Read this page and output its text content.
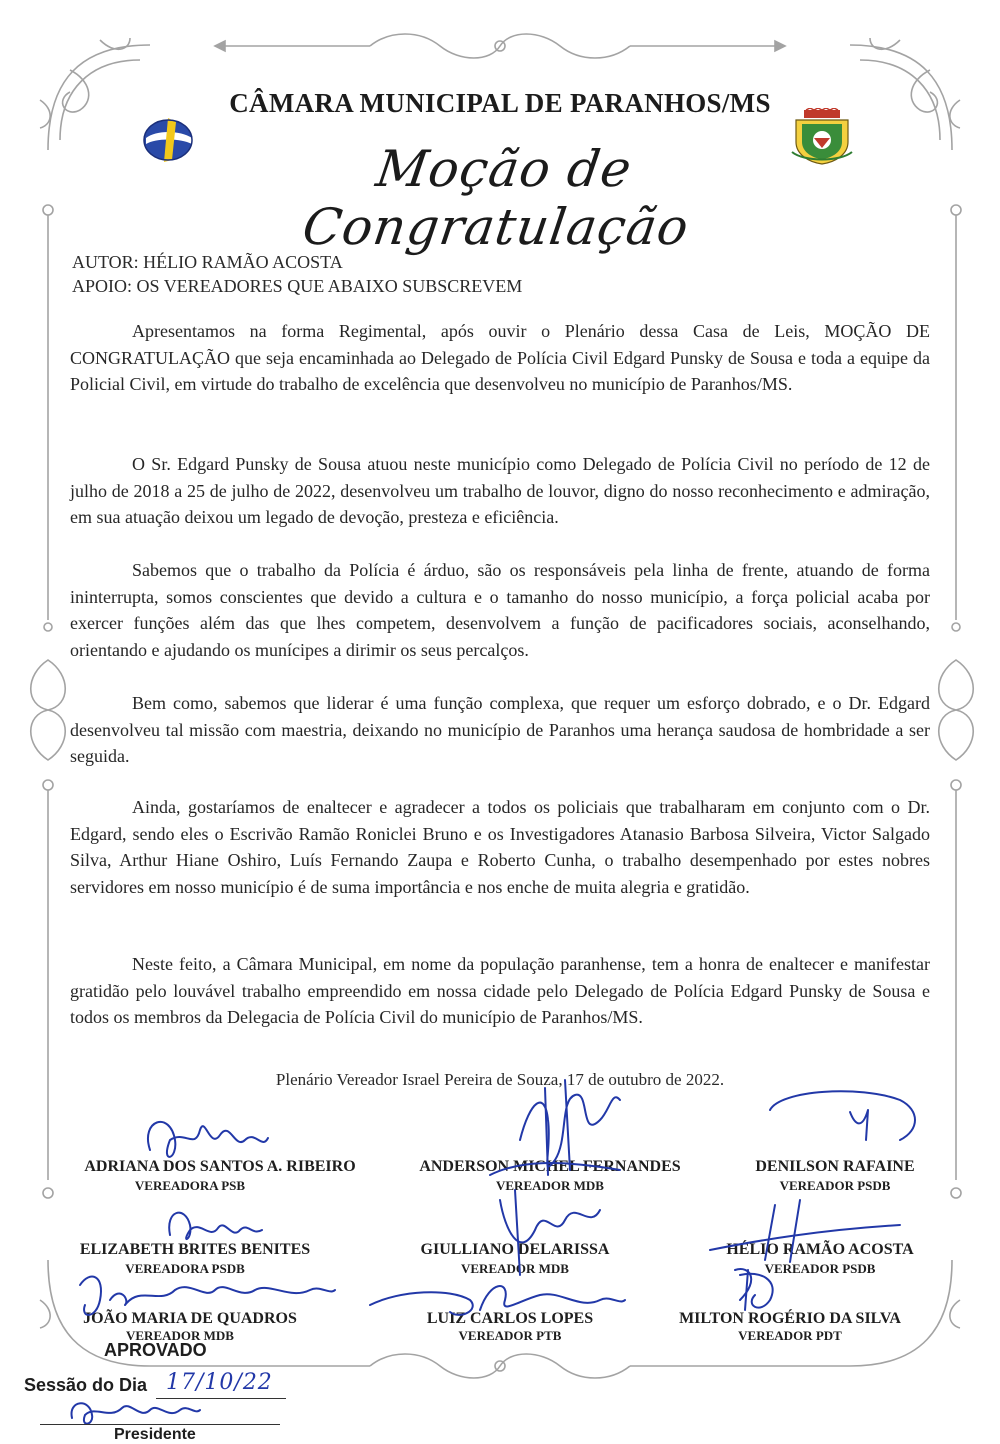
CÂMARA MUNICIPAL DE PARANHOS/MS
Moção de Congratulação
AUTOR: HÉLIO RAMÃO ACOSTA
APOIO: OS VEREADORES QUE ABAIXO SUBSCREVEM

Apresentamos na forma Regimental, após ouvir o Plenário dessa Casa de Leis, MOÇÃO DE CONGRATULAÇÃO que seja encaminhada ao Delegado de Polícia Civil Edgard Punsky de Sousa e toda a equipe da Policial Civil, em virtude do trabalho de excelência que desenvolveu no município de Paranhos/MS.

O Sr. Edgard Punsky de Sousa atuou neste município como Delegado de Polícia Civil no período de 12 de julho de 2018 a 25 de julho de 2022, desenvolveu um trabalho de louvor, digno do nosso reconhecimento e admiração, em sua atuação deixou um legado de devoção, presteza e eficiência.

Sabemos que o trabalho da Polícia é árduo, são os responsáveis pela linha de frente, atuando de forma ininterrupta, somos conscientes que devido a cultura e o tamanho do nosso município, a força policial acaba por exercer funções além das que lhes competem, desenvolvem a função de pacificadores sociais, aconselhando, orientando e ajudando os munícipes a dirimir os seus percalços.

Bem como, sabemos que liderar é uma função complexa, que requer um esforço dobrado, e o Dr. Edgard desenvolveu tal missão com maestria, deixando no município de Paranhos uma herança saudosa de hombridade a ser seguida.

Ainda, gostaríamos de enaltecer e agradecer a todos os policiais que trabalharam em conjunto com o Dr. Edgard, sendo eles o Escrivão Ramão Roniclei Bruno e os Investigadores Atanasio Barbosa Silveira, Victor Salgado Silva, Arthur Hiane Oshiro, Luís Fernando Zaupa e Roberto Cunha, o trabalho desempenhado por estes nobres servidores em nosso município é de suma importância e nos enche de muita alegria e gratidão.

Neste feito, a Câmara Municipal, em nome da população paranhense, tem a honra de enaltecer e manifestar gratidão pelo louvável trabalho empreendido em nossa cidade pelo Delegado de Polícia Edgard Punsky de Sousa e todos os membros da Delegacia de Polícia Civil do município de Paranhos/MS.

Plenário Vereador Israel Pereira de Souza, 17 de outubro de 2022.
ADRIANA DOS SANTOS A. RIBEIRO
VEREADORA PSB
ANDERSON MICHEL FERNANDES
VEREADOR MDB
DENILSON RAFAINE
VEREADOR PSDB
ELIZABETH BRITES BENITES
VEREADORA PSDB
GIULLIANO DELARISSA
VEREADOR MDB
HÉLIO RAMÃO ACOSTA
VEREADOR PSDB
JOÃO MARIA DE QUADROS
VEREADOR MDB
LUIZ CARLOS LOPES
VEREADOR PTB
MILTON ROGÉRIO DA SILVA
VEREADOR PDT
APROVADO
Sessão do Dia 17/10/22
Presidente
